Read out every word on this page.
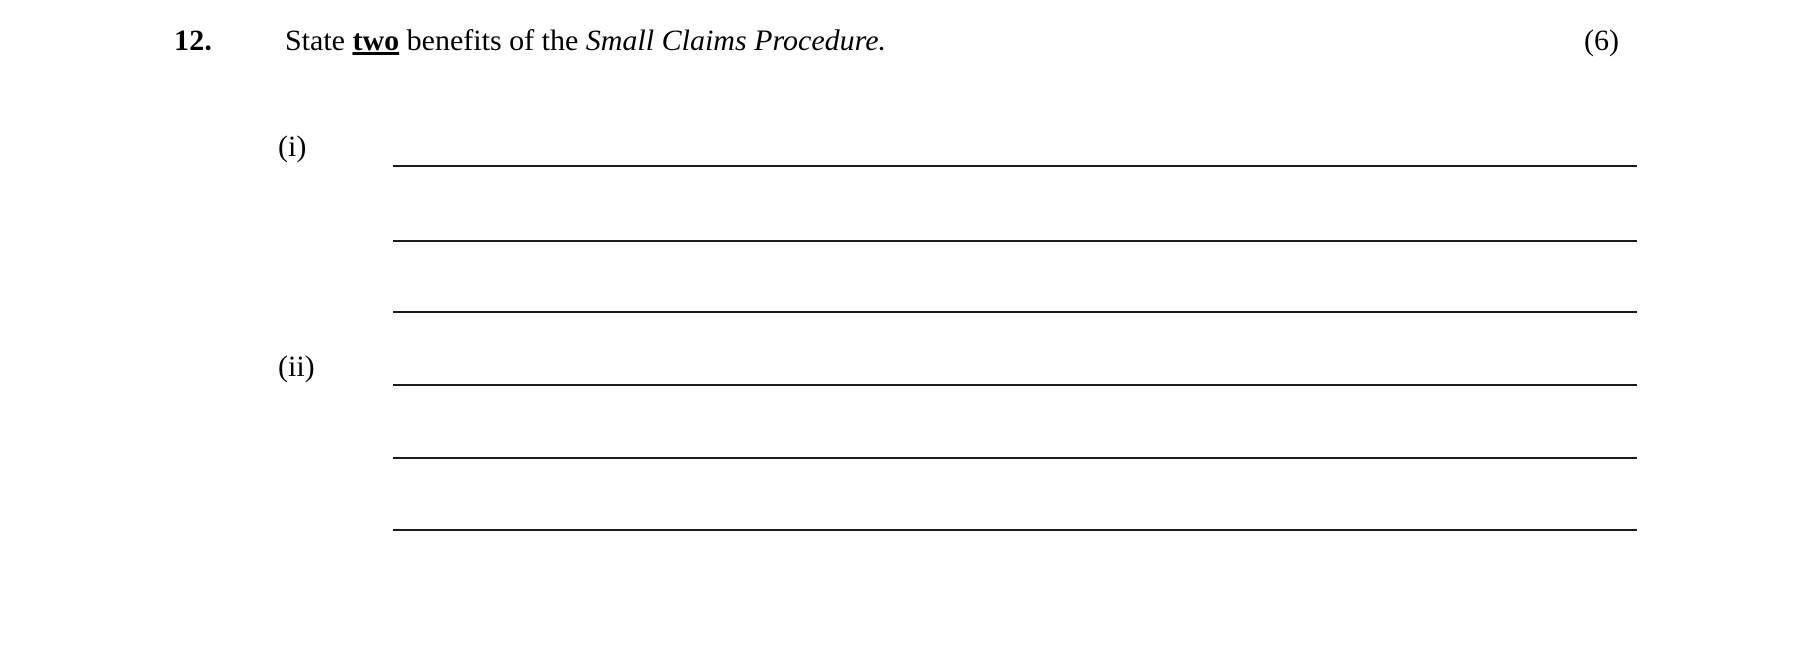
12. State two benefits of the Small Claims Procedure.	(6)
(i)
(ii)
